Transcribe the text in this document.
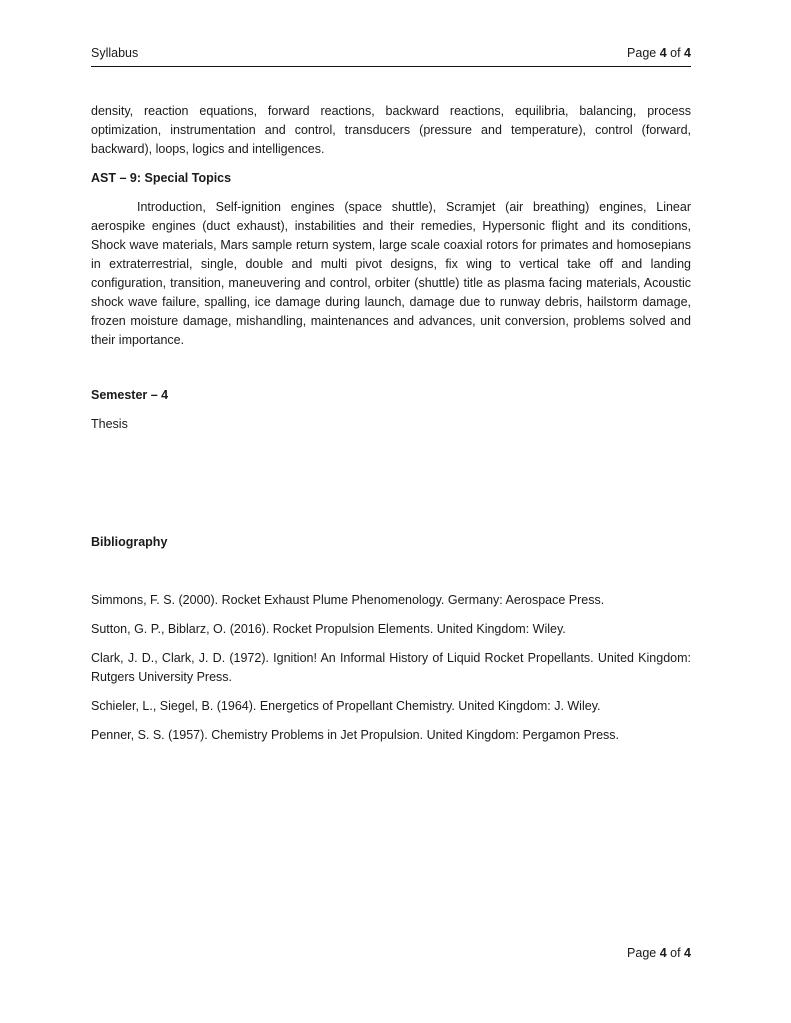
Syllabus	Page 4 of 4

density, reaction equations, forward reactions, backward reactions, equilibria, balancing, process optimization, instrumentation and control, transducers (pressure and temperature), control (forward, backward), loops, logics and intelligences.

AST – 9: Special Topics

Introduction, Self-ignition engines (space shuttle), Scramjet (air breathing) engines, Linear aerospike engines (duct exhaust), instabilities and their remedies, Hypersonic flight and its conditions, Shock wave materials, Mars sample return system, large scale coaxial rotors for primates and homosepians in extraterrestrial, single, double and multi pivot designs, fix wing to vertical take off and landing configuration, transition, maneuvering and control, orbiter (shuttle) title as plasma facing materials, Acoustic shock wave failure, spalling, ice damage during launch, damage due to runway debris, hailstorm damage, frozen moisture damage, mishandling, maintenances and advances, unit conversion, problems solved and their importance.

Semester – 4

Thesis

Bibliography

Simmons, F. S. (2000). Rocket Exhaust Plume Phenomenology. Germany: Aerospace Press.

Sutton, G. P., Biblarz, O. (2016). Rocket Propulsion Elements. United Kingdom: Wiley.

Clark, J. D., Clark, J. D. (1972). Ignition! An Informal History of Liquid Rocket Propellants. United Kingdom: Rutgers University Press.

Schieler, L., Siegel, B. (1964). Energetics of Propellant Chemistry. United Kingdom: J. Wiley.

Penner, S. S. (1957). Chemistry Problems in Jet Propulsion. United Kingdom: Pergamon Press.

Page 4 of 4
